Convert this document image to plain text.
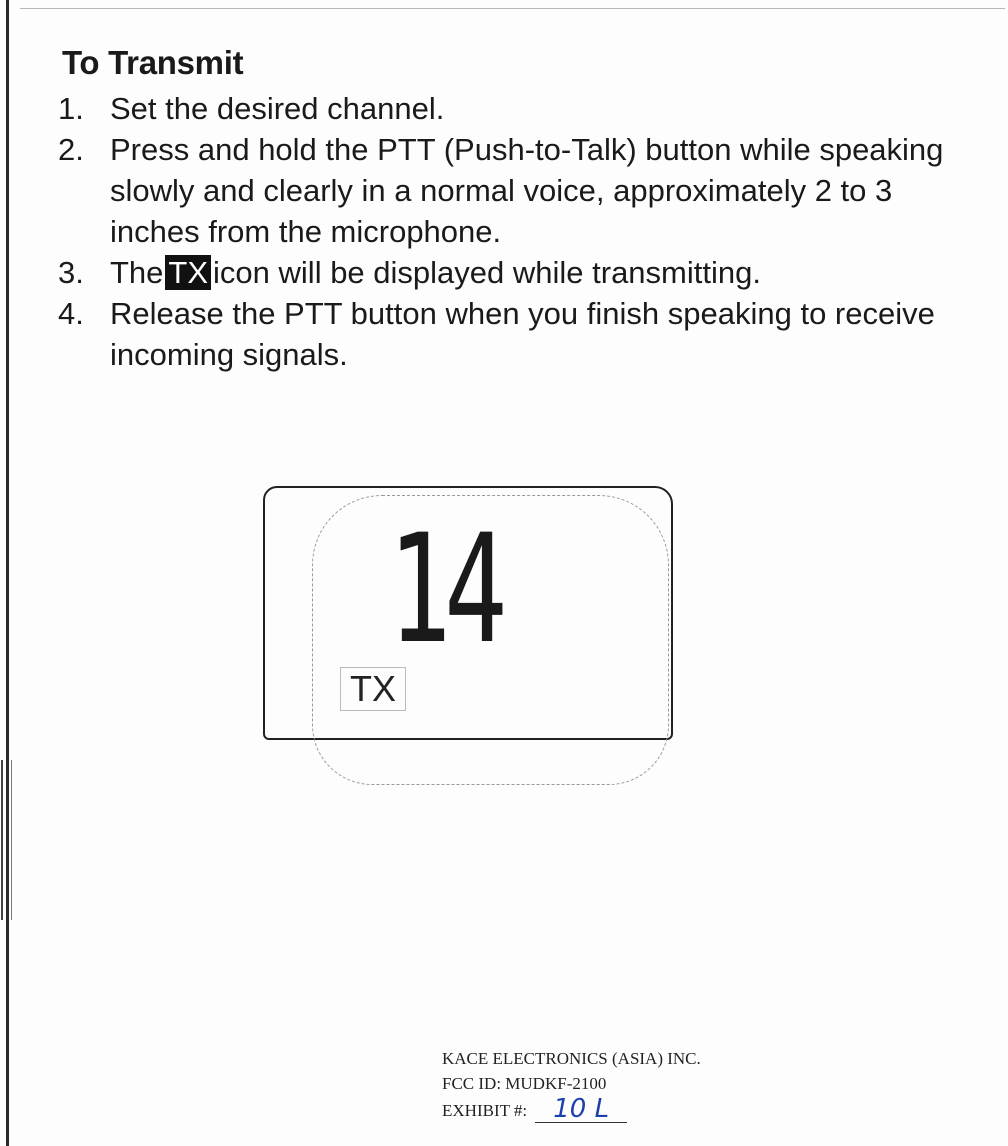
To Transmit
1. Set the desired channel.
2. Press and hold the PTT (Push-to-Talk) button while speaking slowly and clearly in a normal voice, approximately 2 to 3 inches from the microphone.
3. The TX icon will be displayed while transmitting.
4. Release the PTT button when you finish speaking to receive incoming signals.
14
TX
KACE ELECTRONICS (ASIA) INC.
FCC ID: MUDKF-2100
EXHIBIT #:	10 L
